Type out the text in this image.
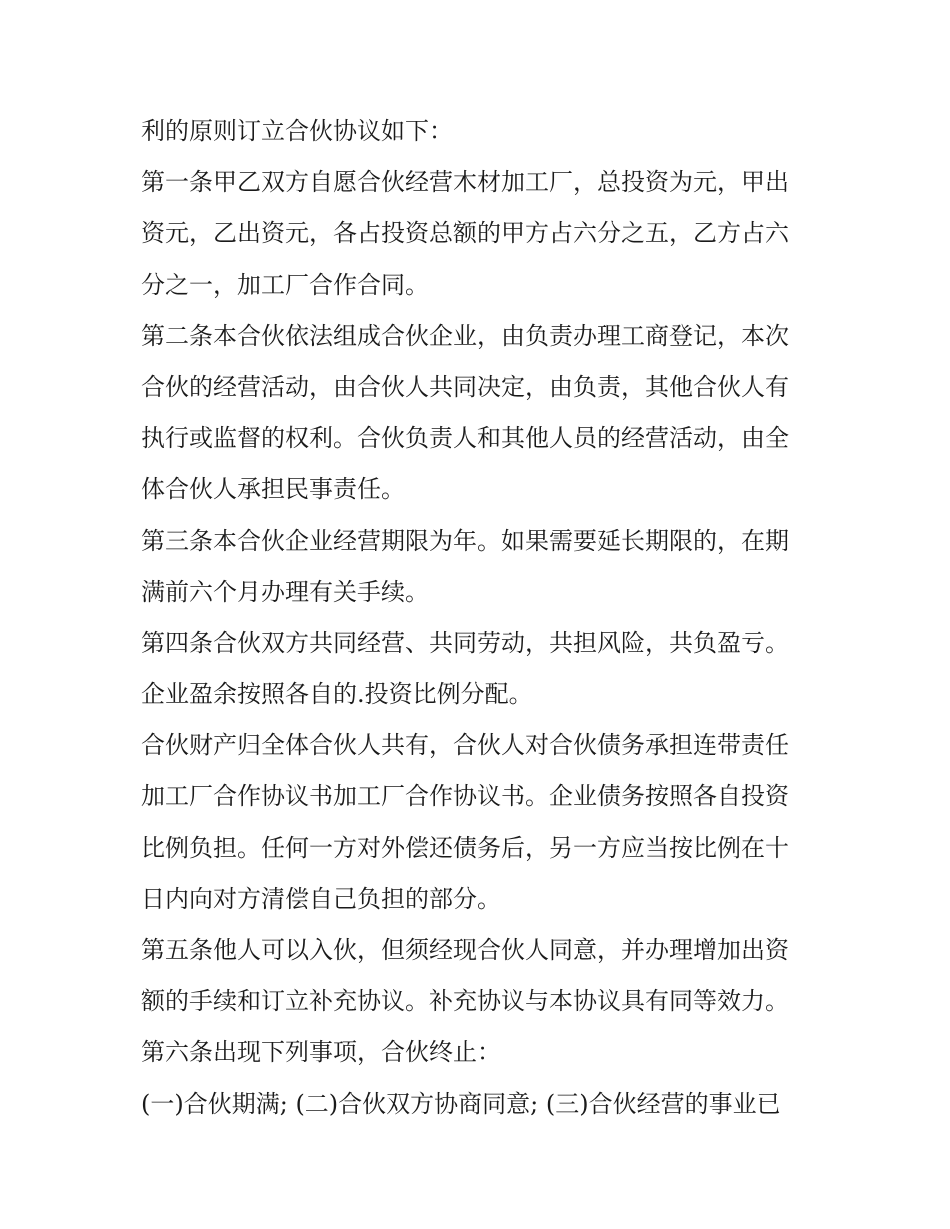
利的原则订立合伙协议如下：
第一条甲乙双方自愿合伙经营木材加工厂，总投资为元，甲出
资元，乙出资元，各占投资总额的甲方占六分之五，乙方占六
分之一，加工厂合作合同。
第二条本合伙依法组成合伙企业，由负责办理工商登记，本次
合伙的经营活动，由合伙人共同决定，由负责，其他合伙人有
执行或监督的权利。合伙负责人和其他人员的经营活动，由全
体合伙人承担民事责任。
第三条本合伙企业经营期限为年。如果需要延长期限的，在期
满前六个月办理有关手续。
第四条合伙双方共同经营、共同劳动，共担风险，共负盈亏。
企业盈余按照各自的.投资比例分配。
合伙财产归全体合伙人共有，合伙人对合伙债务承担连带责任
加工厂合作协议书加工厂合作协议书。企业债务按照各自投资
比例负担。任何一方对外偿还债务后，另一方应当按比例在十
日内向对方清偿自己负担的部分。
第五条他人可以入伙，但须经现合伙人同意，并办理增加出资
额的手续和订立补充协议。补充协议与本协议具有同等效力。
第六条出现下列事项，合伙终止：
(一)合伙期满; (二)合伙双方协商同意; (三)合伙经营的事业已
